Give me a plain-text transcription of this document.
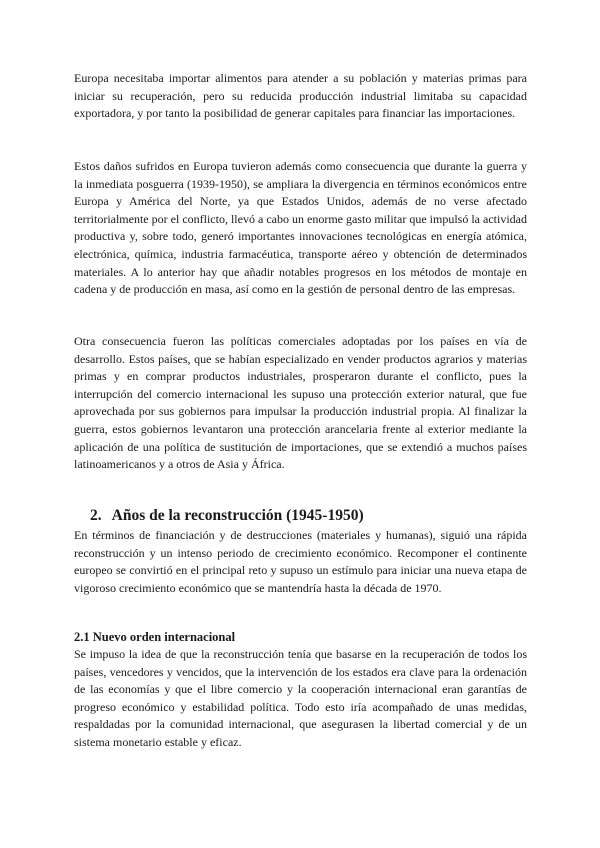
Europa necesitaba importar alimentos para atender a su población y materias primas para iniciar su recuperación, pero su reducida producción industrial limitaba su capacidad exportadora, y por tanto la posibilidad de generar capitales para financiar las importaciones.

Estos daños sufridos en Europa tuvieron además como consecuencia que durante la guerra y la inmediata posguerra (1939-1950), se ampliara la divergencia en términos económicos entre Europa y América del Norte, ya que Estados Unidos, además de no verse afectado territorialmente por el conflicto, llevó a cabo un enorme gasto militar que impulsó la actividad productiva y, sobre todo, generó importantes innovaciones tecnológicas en energía atómica, electrónica, química, industria farmacéutica, transporte aéreo y obtención de determinados materiales. A lo anterior hay que añadir notables progresos en los métodos de montaje en cadena y de producción en masa, así como en la gestión de personal dentro de las empresas.

Otra consecuencia fueron las políticas comerciales adoptadas por los países en vía de desarrollo. Estos países, que se habían especializado en vender productos agrarios y materias primas y en comprar productos industriales, prosperaron durante el conflicto, pues la interrupción del comercio internacional les supuso una protección exterior natural, que fue aprovechada por sus gobiernos para impulsar la producción industrial propia. Al finalizar la guerra, estos gobiernos levantaron una protección arancelaria frente al exterior mediante la aplicación de una política de sustitución de importaciones, que se extendió a muchos países latinoamericanos y a otros de Asia y África.

2. Años de la reconstrucción (1945-1950)

En términos de financiación y de destrucciones (materiales y humanas), siguió una rápida reconstrucción y un intenso periodo de crecimiento económico. Recomponer el continente europeo se convirtió en el principal reto y supuso un estímulo para iniciar una nueva etapa de vigoroso crecimiento económico que se mantendría hasta la década de 1970.

2.1 Nuevo orden internacional

Se impuso la idea de que la reconstrucción tenía que basarse en la recuperación de todos los países, vencedores y vencidos, que la intervención de los estados era clave para la ordenación de las economías y que el libre comercio y la cooperación internacional eran garantías de progreso económico y estabilidad política. Todo esto iría acompañado de unas medidas, respaldadas por la comunidad internacional, que asegurasen la libertad comercial y de un sistema monetario estable y eficaz.
